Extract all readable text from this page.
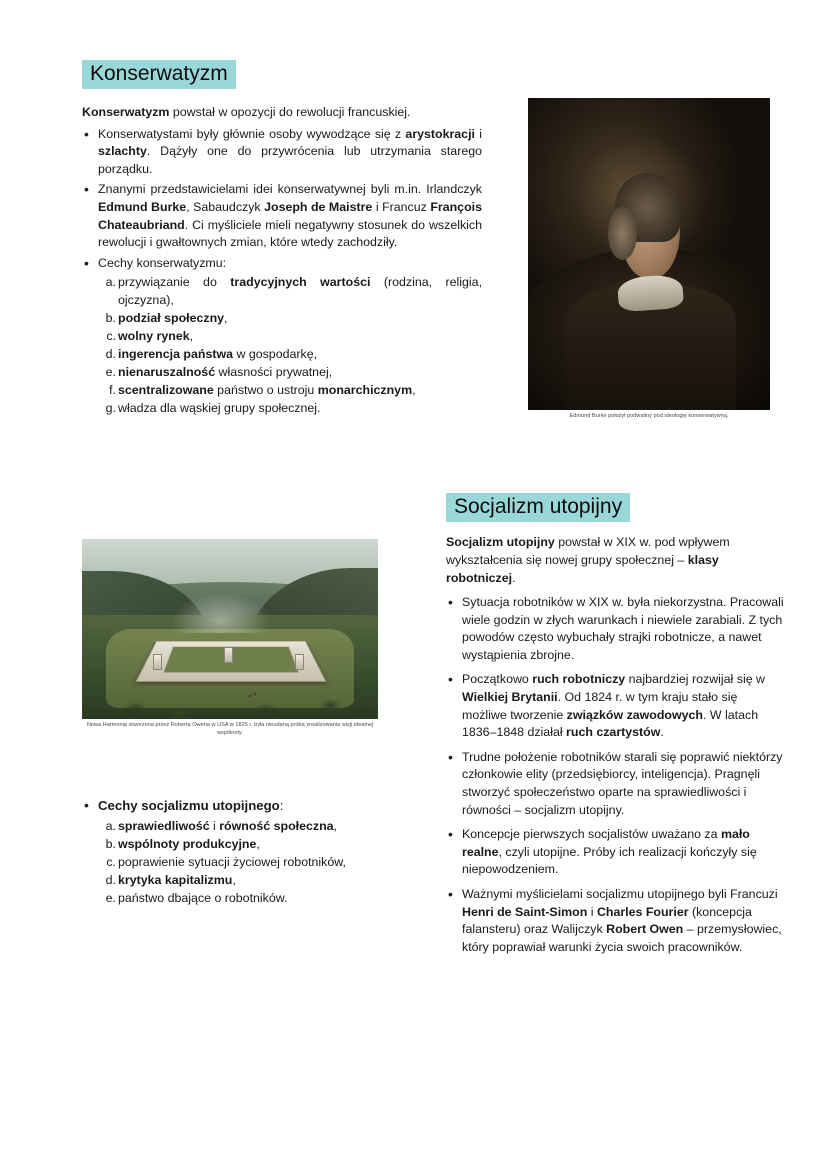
Konserwatyzm

Konserwatyzm powstał w opozycji do rewolucji francuskiej.

• Konserwatystami były głównie osoby wywodzące się z arystokracji i szlachty. Dążyły one do przywrócenia lub utrzymania starego porządku.
• Znanymi przedstawicielami idei konserwatywnej byli m.in. Irlandczyk Edmund Burke, Sabaudczyk Joseph de Maistre i Francuz François Chateaubriand. Ci myśliciele mieli negatywny stosunek do wszelkich rewolucji i gwałtownych zmian, które wtedy zachodziły.
• Cechy konserwatyzmu:
przywiązanie do tradycyjnych wartości (rodzina, religia, ojczyzna),
podział społeczny,
wolny rynek,
ingerencja państwa w gospodarkę,
nienaruszalność własności prywatnej,
scentralizowane państwo o ustroju monarchicznym,
władza dla wąskiej grupy społecznej.
Edmund Burke położył podwaliny pod ideologię konserwatywną.
Socjalizm utopijny

Socjalizm utopijny powstał w XIX w. pod wpływem wykształcenia się nowej grupy społecznej – klasy robotniczej.

• Sytuacja robotników w XIX w. była niekorzystna. Pracowali wiele godzin w złych warunkach i niewiele zarabiali. Z tych powodów często wybuchały strajki robotnicze, a nawet wystąpienia zbrojne.
• Początkowo ruch robotniczy najbardziej rozwijał się w Wielkiej Brytanii. Od 1824 r. w tym kraju stało się możliwe tworzenie związków zawodowych. W latach 1836–1848 działał ruch czartystów.
• Trudne położenie robotników starali się poprawić niektórzy członkowie elity (przedsiębiorcy, inteligencja). Pragnęli stworzyć społeczeństwo oparte na sprawiedliwości i równości – socjalizm utopijny.
• Koncepcje pierwszych socjalistów uważano za mało realne, czyli utopijne. Próby ich realizacji kończyły się niepowodzeniem.
• Ważnymi myślicielami socjalizmu utopijnego byli Francuzi Henri de Saint-Simon i Charles Fourier (koncepcja falansteru) oraz Walijczyk Robert Owen – przemysłowiec, który poprawiał warunki życia swoich pracowników.
Nowa Harmonia stworzona przez Roberta Owena w USA w 1825 r. była nieudaną próbą zrealizowania wizji idealnej wspólnoty.
• Cechy socjalizmu utopijnego:
sprawiedliwość i równość społeczna,
wspólnoty produkcyjne,
poprawienie sytuacji życiowej robotników,
krytyka kapitalizmu,
państwo dbające o robotników.
